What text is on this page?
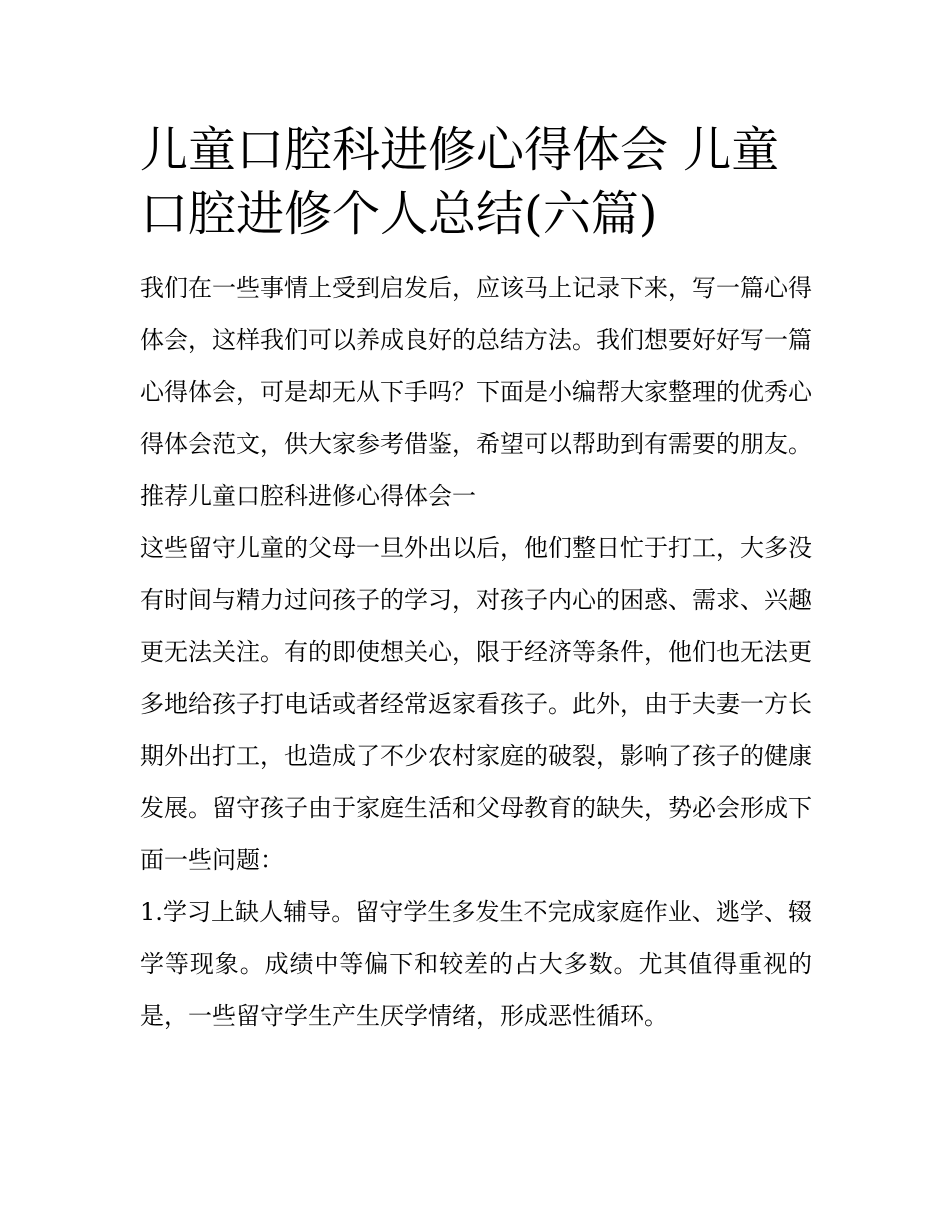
儿童口腔科进修心得体会 儿童口腔进修个人总结(六篇)

我们在一些事情上受到启发后，应该马上记录下来，写一篇心得体会，这样我们可以养成良好的总结方法。我们想要好好写一篇心得体会，可是却无从下手吗？下面是小编帮大家整理的优秀心得体会范文，供大家参考借鉴，希望可以帮助到有需要的朋友。

推荐儿童口腔科进修心得体会一

这些留守儿童的父母一旦外出以后，他们整日忙于打工，大多没有时间与精力过问孩子的学习，对孩子内心的困惑、需求、兴趣更无法关注。有的即使想关心，限于经济等条件，他们也无法更多地给孩子打电话或者经常返家看孩子。此外，由于夫妻一方长期外出打工，也造成了不少农村家庭的破裂，影响了孩子的健康发展。留守孩子由于家庭生活和父母教育的缺失，势必会形成下面一些问题：

1.学习上缺人辅导。留守学生多发生不完成家庭作业、逃学、辍学等现象。成绩中等偏下和较差的占大多数。尤其值得重视的是，一些留守学生产生厌学情绪，形成恶性循环。
